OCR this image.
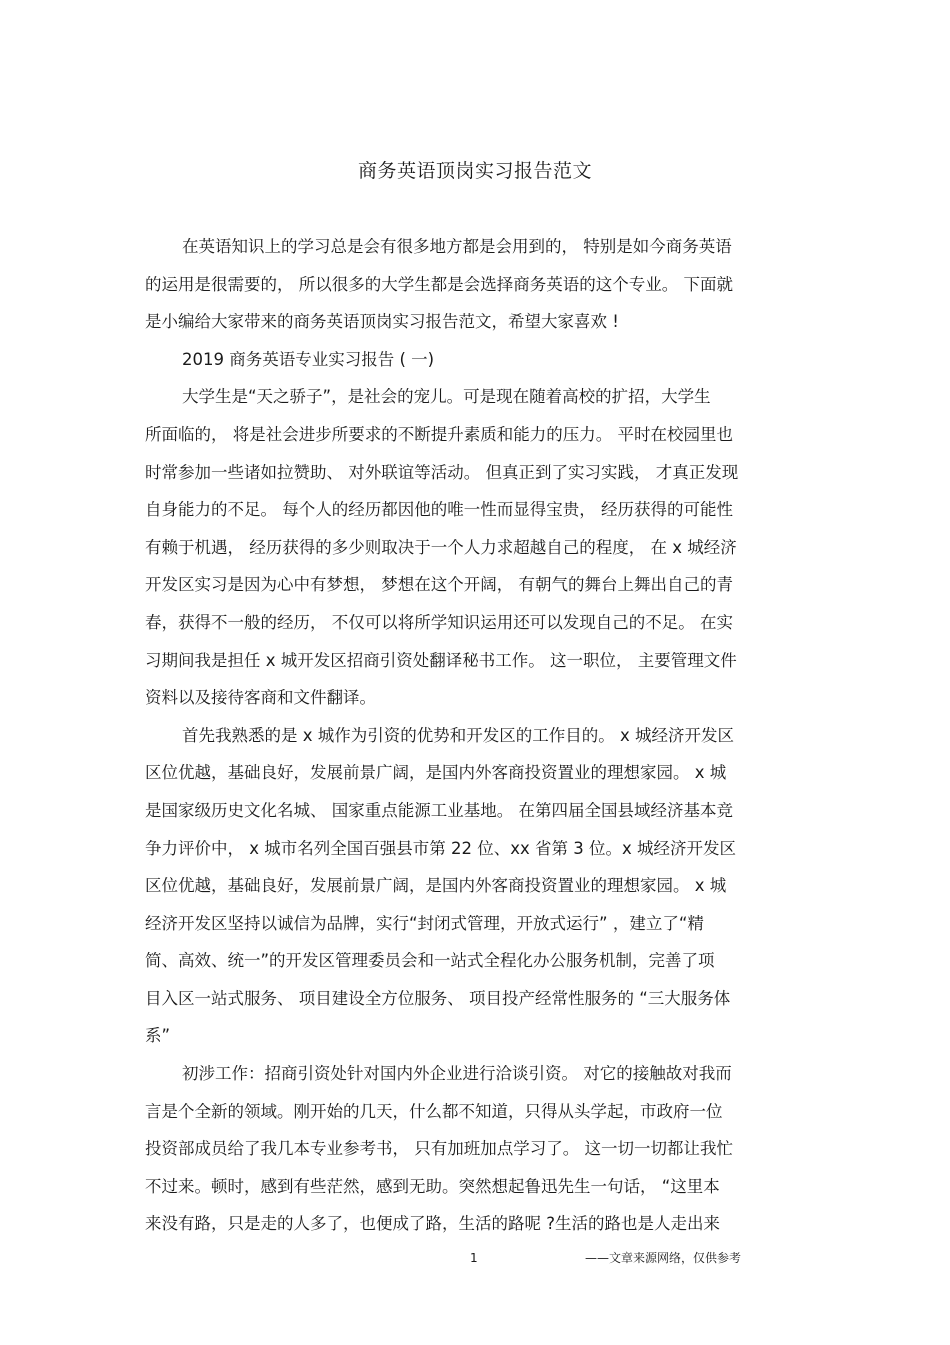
商务英语顶岗实习报告范文
在英语知识上的学习总是会有很多地方都是会用到的， 特别是如今商务英语
的运用是很需要的， 所以很多的大学生都是会选择商务英语的这个专业。 下面就
是小编给大家带来的商务英语顶岗实习报告范文，希望大家喜欢 !
2019 商务英语专业实习报告 ( 一)
大学生是“天之骄子”，是社会的宠儿。可是现在随着高校的扩招，大学生
所面临的， 将是社会进步所要求的不断提升素质和能力的压力。 平时在校园里也
时常参加一些诸如拉赞助、 对外联谊等活动。 但真正到了实习实践， 才真正发现
自身能力的不足。 每个人的经历都因他的唯一性而显得宝贵， 经历获得的可能性
有赖于机遇， 经历获得的多少则取决于一个人力求超越自己的程度， 在 x 城经济
开发区实习是因为心中有梦想， 梦想在这个开阔， 有朝气的舞台上舞出自己的青
春，获得不一般的经历， 不仅可以将所学知识运用还可以发现自己的不足。 在实
习期间我是担任 x 城开发区招商引资处翻译秘书工作。 这一职位， 主要管理文件
资料以及接待客商和文件翻译。
首先我熟悉的是 x 城作为引资的优势和开发区的工作目的。 x 城经济开发区
区位优越，基础良好，发展前景广阔，是国内外客商投资置业的理想家园。 x 城
是国家级历史文化名城、 国家重点能源工业基地。 在第四届全国县域经济基本竞
争力评价中， x 城市名列全国百强县市第 22 位、xx 省第 3 位。x 城经济开发区
区位优越，基础良好，发展前景广阔，是国内外客商投资置业的理想家园。 x 城
经济开发区坚持以诚信为品牌，实行“封闭式管理，开放式运行” ，建立了“精
简、高效、统一”的开发区管理委员会和一站式全程化办公服务机制，完善了项
目入区一站式服务、 项目建设全方位服务、 项目投产经常性服务的 “三大服务体
系”
初涉工作：招商引资处针对国内外企业进行洽谈引资。 对它的接触故对我而
言是个全新的领域。刚开始的几天，什么都不知道，只得从头学起，市政府一位
投资部成员给了我几本专业参考书， 只有加班加点学习了。 这一切一切都让我忙
不过来。顿时，感到有些茫然，感到无助。突然想起鲁迅先生一句话， “这里本
来没有路，只是走的人多了，也便成了路，生活的路呢 ?生活的路也是人走出来
1	——文章来源网络，仅供参考
